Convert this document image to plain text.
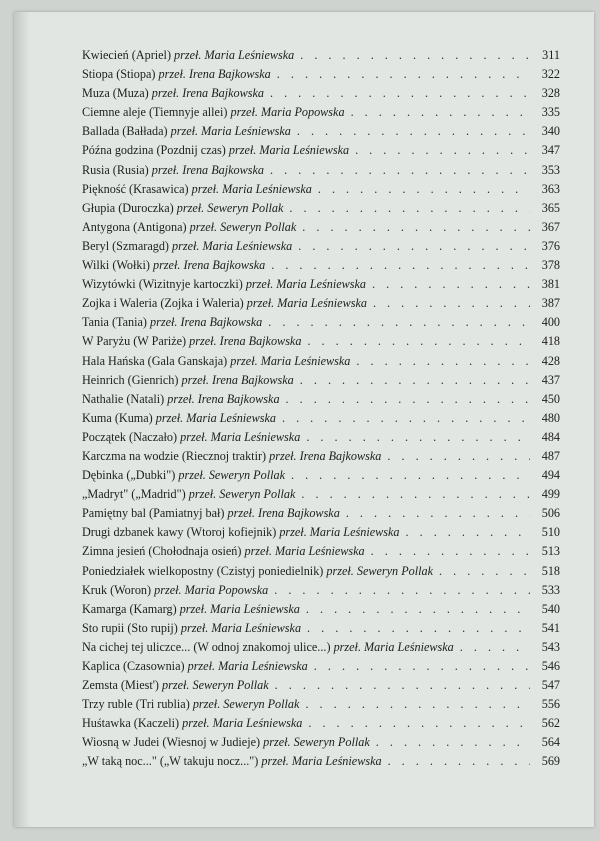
Kwiecień (Apriel) przeł. Maria Leśniewska . . .	311
Stiopa (Stiopa) przeł. Irena Bajkowska . . .	322
Muza (Muza) przeł. Irena Bajkowska . . .	328
Ciemne aleje (Tiemnyje allei) przeł. Maria Popowska . . .	335
Ballada (Bałłada) przeł. Maria Leśniewska . . .	340
Późna godzina (Pozdnij czas) przeł. Maria Leśniewska . . .	347
Rusia (Rusia) przeł. Irena Bajkowska . . .	353
Piękność (Krasawica) przeł. Maria Leśniewska . . .	363
Głupia (Duroczka) przeł. Seweryn Pollak . . .	365
Antygona (Antigona) przeł. Seweryn Pollak . . .	367
Beryl (Szmaragd) przeł. Maria Leśniewska . . .	376
Wilki (Wołki) przeł. Irena Bajkowska . . .	378
Wizytówki (Wizitnyje kartoczki) przeł. Maria Leśniewska . . .	381
Zojka i Waleria (Zojka i Waleria) przeł. Maria Leśniewska . . .	387
Tania (Tania) przeł. Irena Bajkowska . . .	400
W Paryżu (W Pariże) przeł. Irena Bajkowska . . .	418
Hala Hańska (Gala Ganskaja) przeł. Maria Leśniewska . . .	428
Heinrich (Gienrich) przeł. Irena Bajkowska . . .	437
Nathalie (Natali) przeł. Irena Bajkowska . . .	450
Kuma (Kuma) przeł. Maria Leśniewska . . .	480
Początek (Naczało) przeł. Maria Leśniewska . . .	484
Karczma na wodzie (Riecznoj traktir) przeł. Irena Bajkowska . . .	487
Dębinka („Dubki") przeł. Seweryn Pollak . . .	494
„Madryt" („Madrid") przeł. Seweryn Pollak . . .	499
Pamiętny bal (Pamiatnyj bał) przeł. Irena Bajkowska . . .	506
Drugi dzbanek kawy (Wtoroj kofiejnik) przeł. Maria Leśniewska . . .	510
Zimna jesień (Chołodnaja osień) przeł. Maria Leśniewska . . .	513
Poniedziałek wielkopostny (Czistyj poniedielnik) przeł. Seweryn Pollak . . .	518
Kruk (Woron) przeł. Maria Popowska . . .	533
Kamarga (Kamarg) przeł. Maria Leśniewska . . .	540
Sto rupii (Sto rupij) przeł. Maria Leśniewska . . .	541
Na cichej tej uliczce... (W odnoj znakomoj ulice...) przeł. Maria Leśniewska . . .	543
Kaplica (Czasownia) przeł. Maria Leśniewska . . .	546
Zemsta (Miest') przeł. Seweryn Pollak . . .	547
Trzy ruble (Tri rublia) przeł. Seweryn Pollak . . .	556
Huśtawka (Kaczeli) przeł. Maria Leśniewska . . .	562
Wiosną w Judei (Wiesnoj w Judieje) przeł. Seweryn Pollak . . .	564
„W taką noc..." („W takuju nocz...") przeł. Maria Leśniewska . . .	569
